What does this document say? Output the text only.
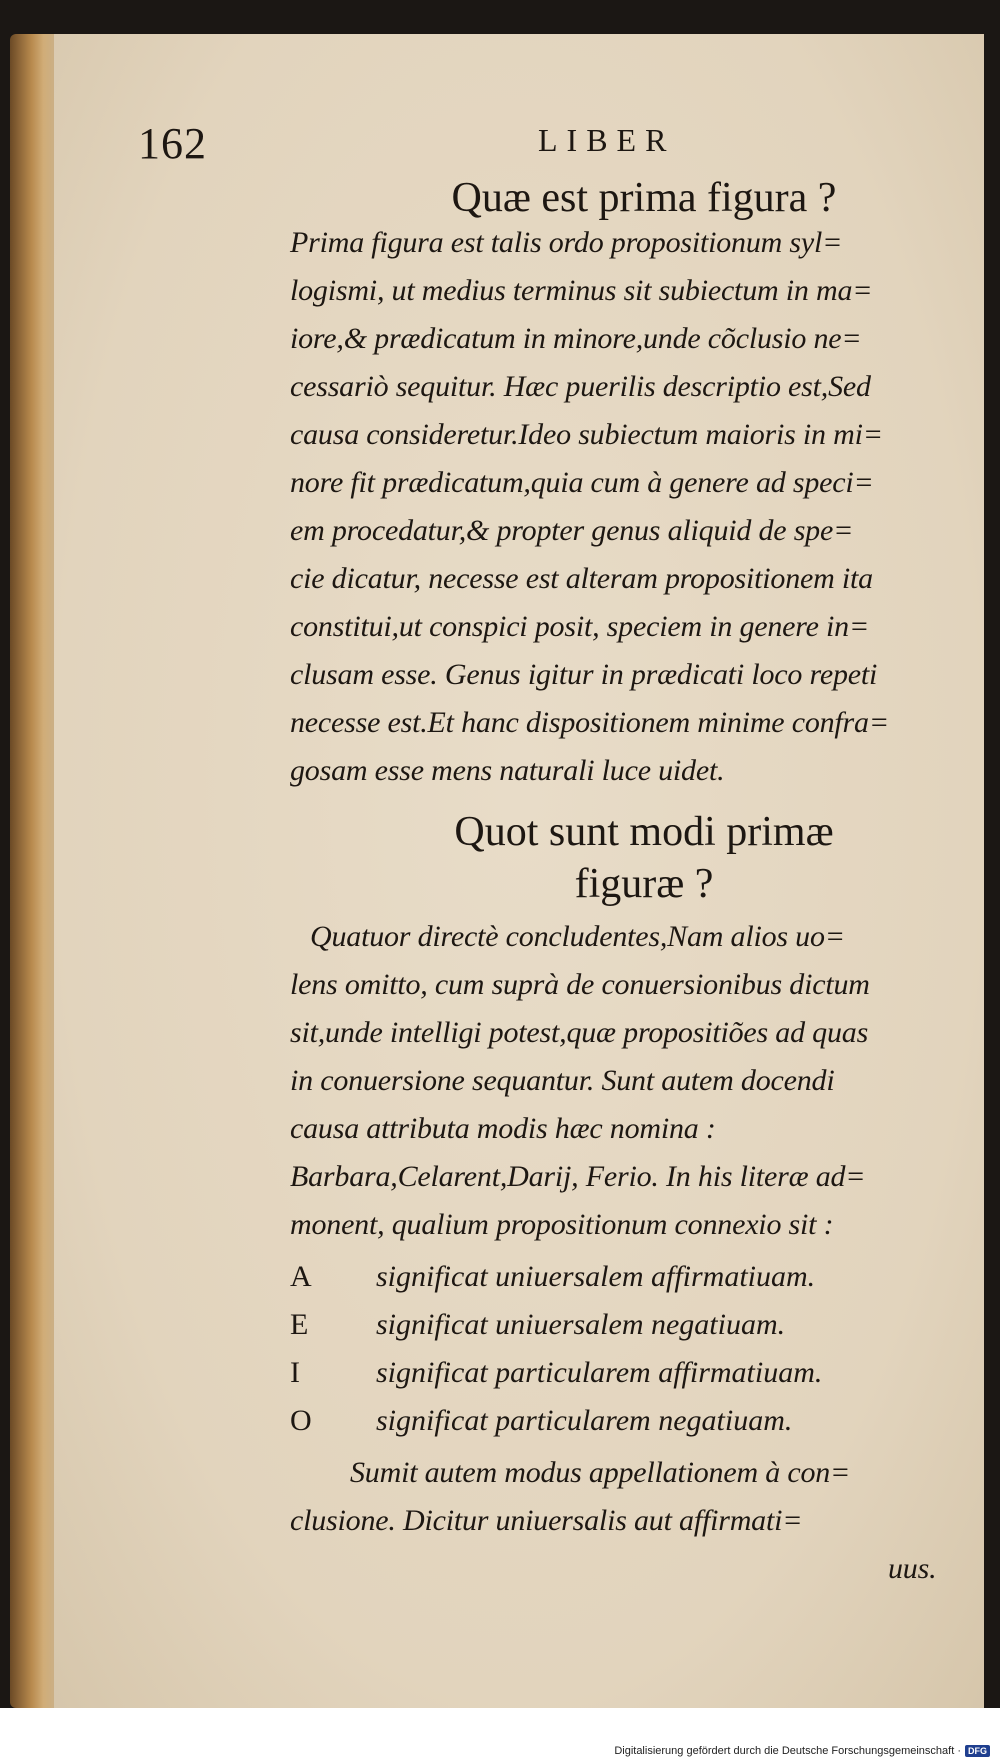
162	LIBER
Quæ est prima figura ?
Prima figura est talis ordo propositionum syl=
logismi, ut medius terminus sit subiectum in ma=
iore,& prædicatum in minore,unde cõclusio ne=
cessariò sequitur. Hæc puerilis descriptio est,Sed
causa consideretur.Ideo subiectum maioris in mi=
nore fit prædicatum,quia cum à genere ad speci=
em procedatur,& propter genus aliquid de spe=
cie dicatur, necesse est alteram propositionem ita
constitui,ut conspici posit, speciem in genere in=
clusam esse. Genus igitur in prædicati loco repeti
necesse est.Et hanc dispositionem minime confra=
gosam esse mens naturali luce uidet.
Quot sunt modi primæ
figuræ ?
Quatuor directè concludentes,Nam alios uo=
lens omitto, cum suprà de conuersionibus dictum
sit,unde intelligi potest,quæ propositiões ad quas
in conuersione sequantur. Sunt autem docendi
causa attributa modis hæc nomina :
Barbara,Celarent,Darij, Ferio. In his literæ ad=
monent, qualium propositionum connexio sit :
A significat uniuersalem affirmatiuam.
E significat uniuersalem negatiuam.
I	significat particularem affirmatiuam.
O significat particularem negatiuam.
Sumit autem modus appellationem à con=
clusione. Dicitur uniuersalis aut affirmati=
uus.
Digitalisierung gefördert durch die Deutsche Forschungsgemeinschaft · DFG
